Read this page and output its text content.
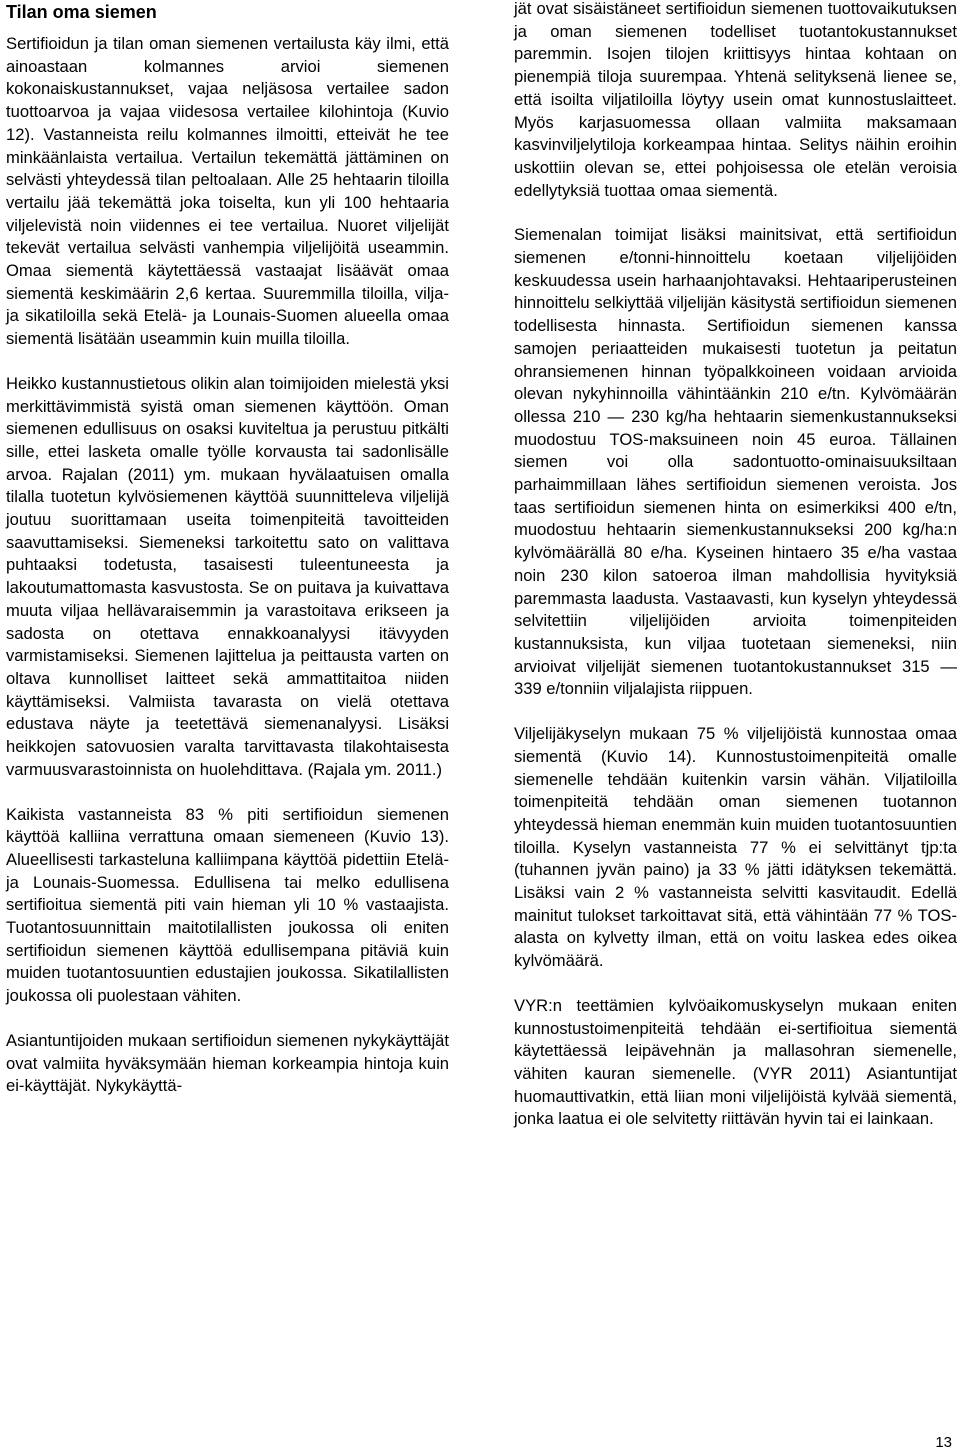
Tilan oma siemen

Sertifioidun ja tilan oman siemenen vertailusta käy ilmi, että ainoastaan kolmannes arvioi siemenen kokonaiskustannukset, vajaa neljäsosa vertailee sadon tuottoarvoa ja vajaa viidesosa vertailee kilohintoja (Kuvio 12). Vastanneista reilu kolmannes ilmoitti, etteivät he tee minkäänlaista vertailua. Vertailun tekemättä jättäminen on selvästi yhteydessä tilan peltoalaan. Alle 25 hehtaarin tiloilla vertailu jää tekemättä joka toiselta, kun yli 100 hehtaaria viljelevistä noin viidennes ei tee vertailua. Nuoret viljelijät tekevät vertailua selvästi vanhempia viljelijöitä useammin. Omaa siementä käytettäessä vastaajat lisäävät omaa siementä keskimäärin 2,6 kertaa. Suuremmilla tiloilla, vilja- ja sikatiloilla sekä Etelä- ja Lounais-Suomen alueella omaa siementä lisätään useammin kuin muilla tiloilla.

Heikko kustannustietous olikin alan toimijoiden mielestä yksi merkittävimmistä syistä oman siemenen käyttöön. Oman siemenen edullisuus on osaksi kuviteltua ja perustuu pitkälti sille, ettei lasketa omalle työlle korvausta tai sadonlisälle arvoa. Rajalan (2011) ym. mukaan hyvälaatuisen omalla tilalla tuotetun kylvösiemenen käyttöä suunnitteleva viljelijä joutuu suorittamaan useita toimenpiteitä tavoitteiden saavuttamiseksi. Siemeneksi tarkoitettu sato on valittava puhtaaksi todetusta, tasaisesti tuleentuneesta ja lakoutumattomasta kasvustosta. Se on puitava ja kuivattava muuta viljaa hellävaraisemmin ja varastoitava erikseen ja sadosta on otettava ennakkoanalyysi itävyyden varmistamiseksi. Siemenen lajittelua ja peittausta varten on oltava kunnolliset laitteet sekä ammattitaitoa niiden käyttämiseksi. Valmiista tavarasta on vielä otettava edustava näyte ja teetettävä siemenanalyysi. Lisäksi heikkojen satovuosien varalta tarvittavasta tilakohtaisesta varmuusvarastoinnista on huolehdittava. (Rajala ym. 2011.)

Kaikista vastanneista 83 % piti sertifioidun siemenen käyttöä kalliina verrattuna omaan siemeneen (Kuvio 13). Alueellisesti tarkasteluna kalliimpana käyttöä pidettiin Etelä- ja Lounais-Suomessa. Edullisena tai melko edullisena sertifioitua siementä piti vain hieman yli 10 % vastaajista. Tuotantosuunnittain maitotilallisten joukossa oli eniten sertifioidun siemenen käyttöä edullisempana pitäviä kuin muiden tuotantosuuntien edustajien joukossa. Sikatilallisten joukossa oli puolestaan vähiten.

Asiantuntijoiden mukaan sertifioidun siemenen nykykäyttäjät ovat valmiita hyväksymään hieman korkeampia hintoja kuin ei-käyttäjät. Nykykäyttä-

jät ovat sisäistäneet sertifioidun siemenen tuottovaikutuksen ja oman siemenen todelliset tuotantokustannukset paremmin. Isojen tilojen kriittisyys hintaa kohtaan on pienempiä tiloja suurempaa. Yhtenä selityksenä lienee se, että isoilta viljatiloilla löytyy usein omat kunnostuslaitteet. Myös karjasuomessa ollaan valmiita maksamaan kasvinviljelytiloja korkeampaa hintaa. Selitys näihin eroihin uskottiin olevan se, ettei pohjoisessa ole etelän veroisia edellytyksiä tuottaa omaa siementä.

Siemenalan toimijat lisäksi mainitsivat, että sertifioidun siemenen e/tonni-hinnoittelu koetaan viljelijöiden keskuudessa usein harhaanjohtavaksi. Hehtaariperusteinen hinnoittelu selkiyttää viljelijän käsitystä sertifioidun siemenen todellisesta hinnasta. Sertifioidun siemenen kanssa samojen periaatteiden mukaisesti tuotetun ja peitatun ohransiemenen hinnan työpalkkoineen voidaan arvioida olevan nykyhinnoilla vähintäänkin 210 e/tn. Kylvömäärän ollessa 210 — 230 kg/ha hehtaarin siemenkustannukseksi muodostuu TOS-maksuineen noin 45 euroa. Tällainen siemen voi olla sadontuotto-ominaisuuksiltaan parhaimmillaan lähes sertifioidun siemenen veroista. Jos taas sertifioidun siemenen hinta on esimerkiksi 400 e/tn, muodostuu hehtaarin siemenkustannukseksi 200 kg/ha:n kylvömäärällä 80 e/ha. Kyseinen hintaero 35 e/ha vastaa noin 230 kilon satoeroa ilman mahdollisia hyvityksiä paremmasta laadusta. Vastaavasti, kun kyselyn yhteydessä selvitettiin viljelijöiden arvioita toimenpiteiden kustannuksista, kun viljaa tuotetaan siemeneksi, niin arvioivat viljelijät siemenen tuotantokustannukset 315 — 339 e/tonniin viljalajista riippuen.

Viljelijäkyselyn mukaan 75 % viljelijöistä kunnostaa omaa siementä (Kuvio 14). Kunnostustoimenpiteitä omalle siemenelle tehdään kuitenkin varsin vähän. Viljatiloilla toimenpiteitä tehdään oman siemenen tuotannon yhteydessä hieman enemmän kuin muiden tuotantosuuntien tiloilla. Kyselyn vastanneista 77 % ei selvittänyt tjp:ta (tuhannen jyvän paino) ja 33 % jätti idätyksen tekemättä. Lisäksi vain 2 % vastanneista selvitti kasvitaudit. Edellä mainitut tulokset tarkoittavat sitä, että vähintään 77 % TOS-alasta on kylvetty ilman, että on voitu laskea edes oikea kylvömäärä.

VYR:n teettämien kylvöaikomuskyselyn mukaan eniten kunnostustoimenpiteitä tehdään ei-sertifioitua siementä käytettäessä leipävehnän ja mallasohran siemenelle, vähiten kauran siemenelle. (VYR 2011) Asiantuntijat huomauttivatkin, että liian moni viljelijöistä kylvää siementä, jonka laatua ei ole selvitetty riittävän hyvin tai ei lainkaan.

13
